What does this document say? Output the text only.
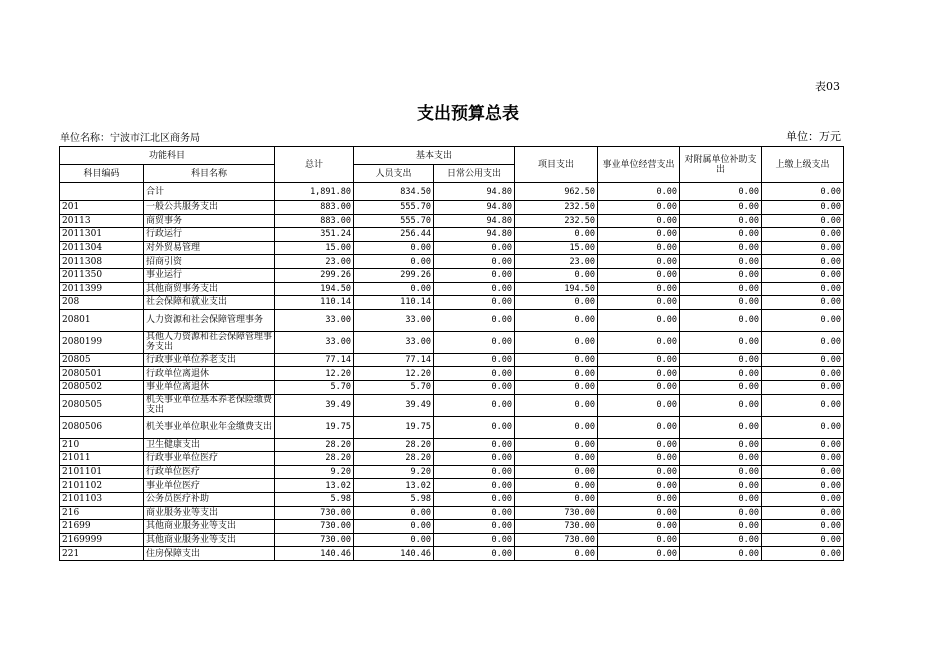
表03
支出预算总表
单位名称：宁波市江北区商务局	单位：万元
功能科目		总计	基本支出		项目支出	事业单位经营支出	对附属单位补助支出	上缴上级支出
科目编码	科目名称		人员支出	日常公用支出				
	合计	1,891.80	834.50	94.80	962.50	0.00	0.00	0.00
201	一般公共服务支出	883.00	555.70	94.80	232.50	0.00	0.00	0.00
20113	商贸事务	883.00	555.70	94.80	232.50	0.00	0.00	0.00
2011301	行政运行	351.24	256.44	94.80	0.00	0.00	0.00	0.00
2011304	对外贸易管理	15.00	0.00	0.00	15.00	0.00	0.00	0.00
2011308	招商引资	23.00	0.00	0.00	23.00	0.00	0.00	0.00
2011350	事业运行	299.26	299.26	0.00	0.00	0.00	0.00	0.00
2011399	其他商贸事务支出	194.50	0.00	0.00	194.50	0.00	0.00	0.00
208	社会保障和就业支出	110.14	110.14	0.00	0.00	0.00	0.00	0.00
20801	人力资源和社会保障管理事务	33.00	33.00	0.00	0.00	0.00	0.00	0.00
2080199	其他人力资源和社会保障管理事务支出	33.00	33.00	0.00	0.00	0.00	0.00	0.00
20805	行政事业单位养老支出	77.14	77.14	0.00	0.00	0.00	0.00	0.00
2080501	行政单位离退休	12.20	12.20	0.00	0.00	0.00	0.00	0.00
2080502	事业单位离退休	5.70	5.70	0.00	0.00	0.00	0.00	0.00
2080505	机关事业单位基本养老保险缴费支出	39.49	39.49	0.00	0.00	0.00	0.00	0.00
2080506	机关事业单位职业年金缴费支出	19.75	19.75	0.00	0.00	0.00	0.00	0.00
210	卫生健康支出	28.20	28.20	0.00	0.00	0.00	0.00	0.00
21011	行政事业单位医疗	28.20	28.20	0.00	0.00	0.00	0.00	0.00
2101101	行政单位医疗	9.20	9.20	0.00	0.00	0.00	0.00	0.00
2101102	事业单位医疗	13.02	13.02	0.00	0.00	0.00	0.00	0.00
2101103	公务员医疗补助	5.98	5.98	0.00	0.00	0.00	0.00	0.00
216	商业服务业等支出	730.00	0.00	0.00	730.00	0.00	0.00	0.00
21699	其他商业服务业等支出	730.00	0.00	0.00	730.00	0.00	0.00	0.00
2169999	其他商业服务业等支出	730.00	0.00	0.00	730.00	0.00	0.00	0.00
221	住房保障支出	140.46	140.46	0.00	0.00	0.00	0.00	0.00
